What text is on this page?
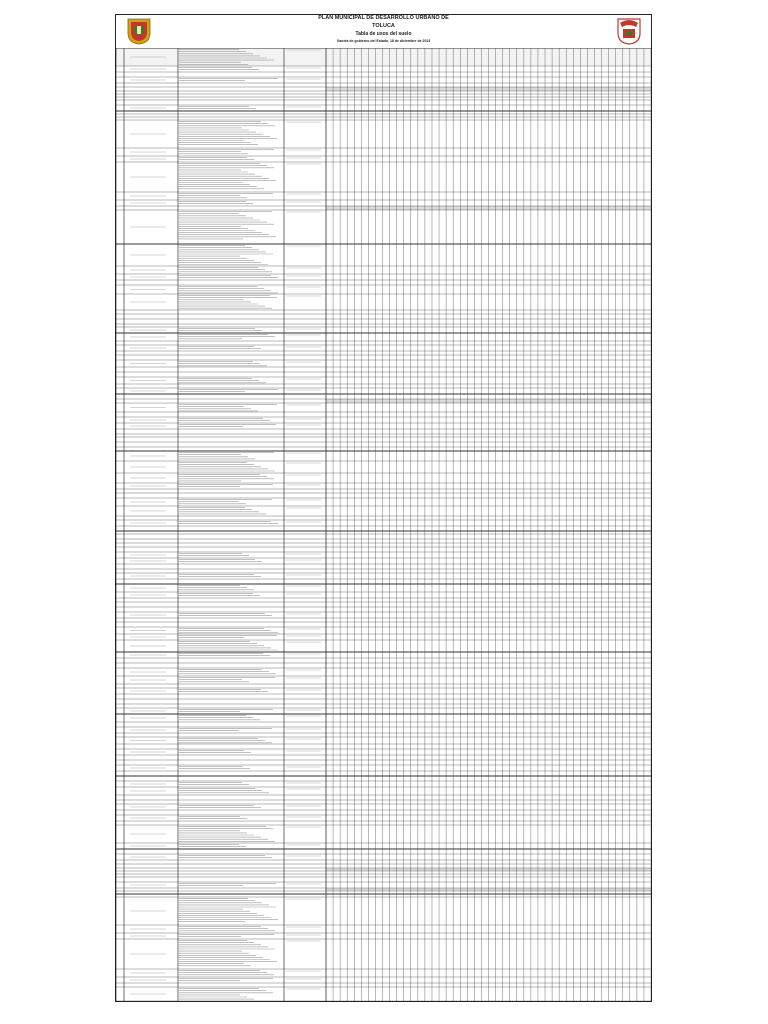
PLAN MUNICIPAL DE DESARROLLO URBANO DE
TOLUCA
Tabla de usos del suelo
Gaceta de gobierno del Estado, 18 de diciembre de 2013
